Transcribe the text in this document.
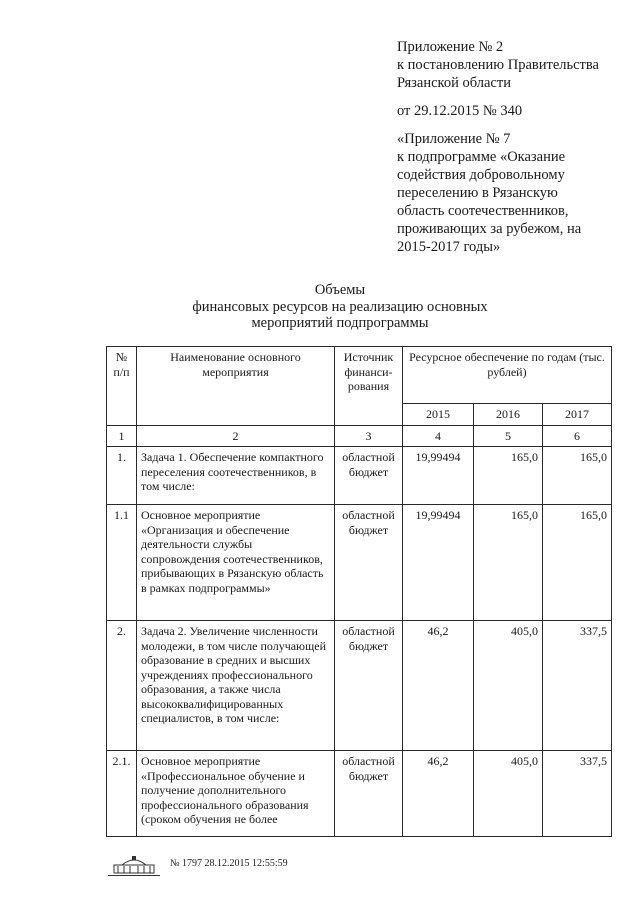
Приложение № 2
к постановлению Правительства
Рязанской области
от 29.12.2015 № 340
«Приложение № 7
к подпрограмме «Оказание
содействия добровольному
переселению в Рязанскую
область соотечественников,
проживающих за рубежом, на
2015-2017 годы»
Объемы
финансовых ресурсов на реализацию основных
мероприятий подпрограммы
№ п/п	Наименование основного мероприятия	Источник финанси-рования	Ресурсное обеспечение по годам (тыс. рублей)		
			2015	2016	2017
1	2	3	4	5	6
1.	Задача 1. Обеспечение компактного переселения соотечественников, в том числе:	областной бюджет	19,99494	165,0	165,0
1.1	Основное мероприятие «Организация и обеспечение деятельности службы сопровождения соотечественников, прибывающих в Рязанскую область в рамках подпрограммы»	областной бюджет	19,99494	165,0	165,0
2.	Задача 2. Увеличение численности молодежи, в том числе получающей образование в средних и высших учреждениях профессионального образования, а также числа высококвалифицированных специалистов, в том числе:	областной бюджет	46,2	405,0	337,5
2.1.	Основное мероприятие «Профессиональное обучение и получение дополнительного профессионального образования (сроком обучения не более	областной бюджет	46,2	405,0	337,5
№ 1797 28.12.2015 12:55:59
